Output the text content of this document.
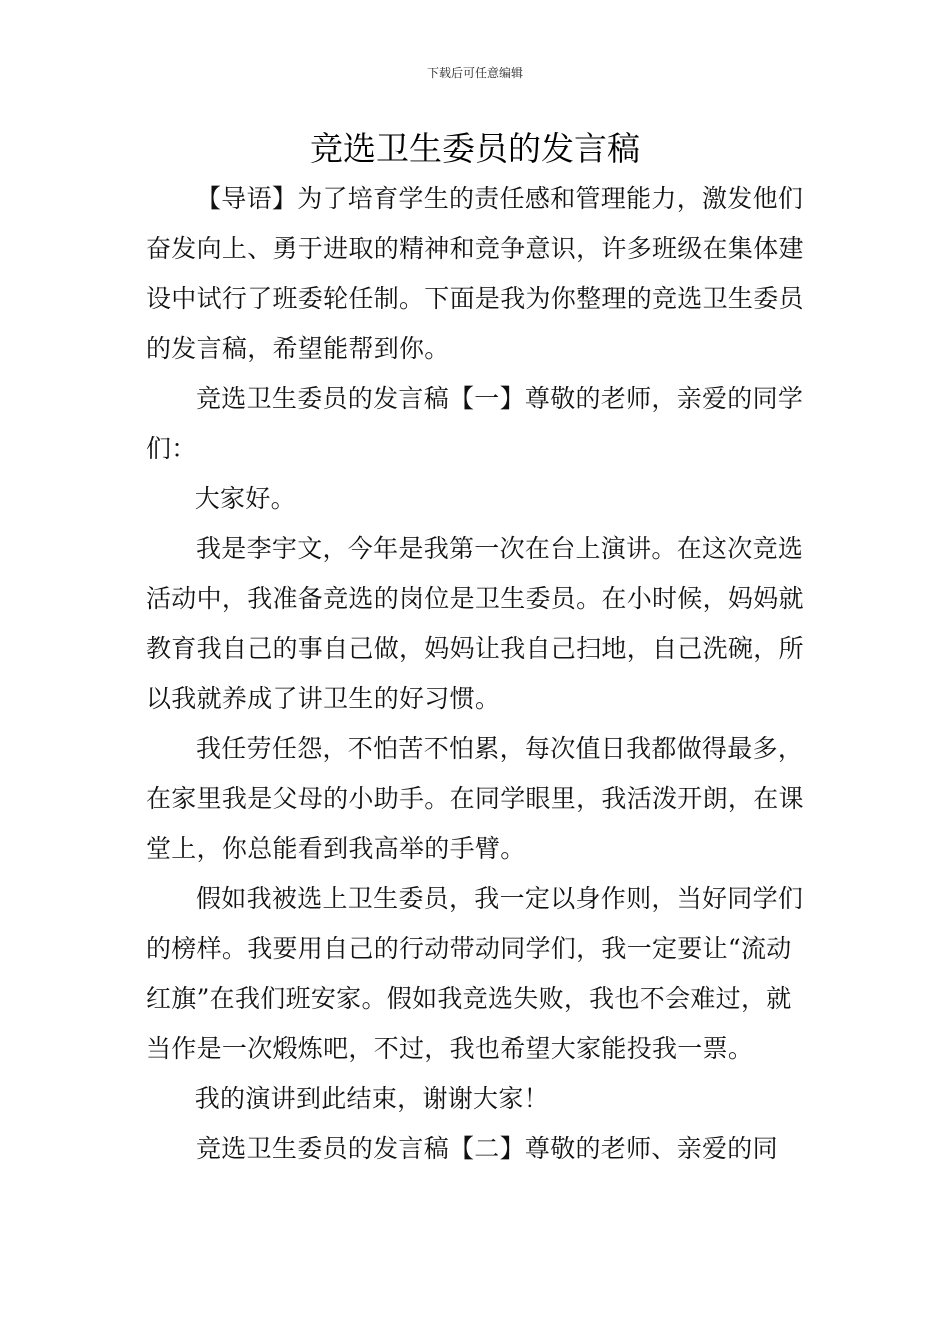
下载后可任意编辑
竞选卫生委员的发言稿

【导语】为了培育学生的责任感和管理能力，激发他们奋发向上、勇于进取的精神和竞争意识，许多班级在集体建设中试行了班委轮任制。下面是我为你整理的竞选卫生委员的发言稿，希望能帮到你。

竞选卫生委员的发言稿【一】尊敬的老师，亲爱的同学们：

大家好。

我是李宇文，今年是我第一次在台上演讲。在这次竞选活动中，我准备竞选的岗位是卫生委员。在小时候，妈妈就教育我自己的事自己做，妈妈让我自己扫地，自己洗碗，所以我就养成了讲卫生的好习惯。

我任劳任怨，不怕苦不怕累，每次值日我都做得最多，在家里我是父母的小助手。在同学眼里，我活泼开朗，在课堂上，你总能看到我高举的手臂。

假如我被选上卫生委员，我一定以身作则，当好同学们的榜样。我要用自己的行动带动同学们，我一定要让“流动红旗”在我们班安家。假如我竞选失败，我也不会难过，就当作是一次煅炼吧，不过，我也希望大家能投我一票。

我的演讲到此结束，谢谢大家！

竞选卫生委员的发言稿【二】尊敬的老师、亲爱的同
